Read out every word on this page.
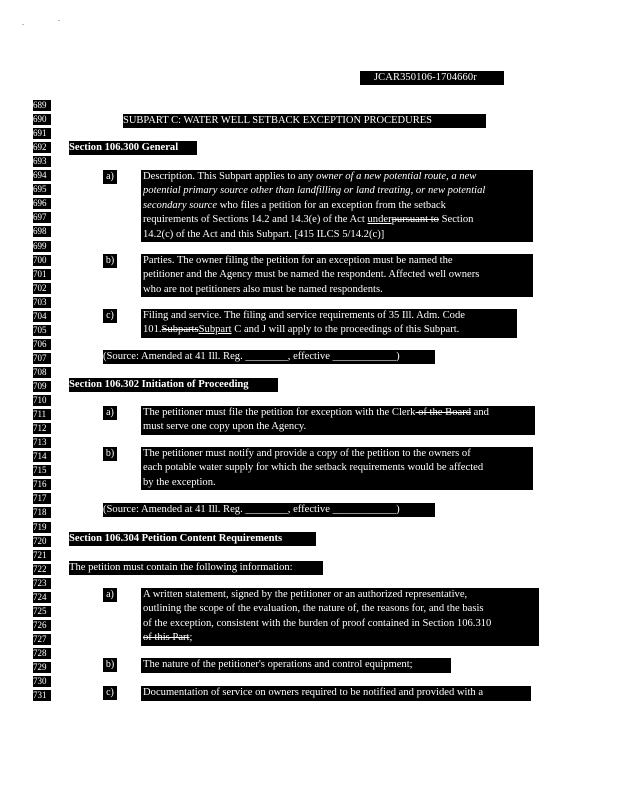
JCAR350106-1704660r
689
690
691
692
693
694
695
696
697
698
699
700
701
702
703
704
705
706
707
708
709
710
711
712
713
714
715
716
717
718
719
720
721
722
723
724
725
726
727
728
729
730
731
SUBPART C: WATER WELL SETBACK EXCEPTION PROCEDURES
Section 106.300 General
a)	Description. This Subpart applies to any owner of a new potential route, a new
potential primary source other than landfilling or land treating, or new potential
secondary source who files a petition for an exception from the setback
requirements of Sections 14.2 and 14.3(e) of the Act underpursuant to Section
14.2(c) of the Act and this Subpart. [415 ILCS 5/14.2(c)]
b)	Parties. The owner filing the petition for an exception must be named the
petitioner and the Agency must be named the respondent. Affected well owners
who are not petitioners also must be named respondents.
c)	Filing and service. The filing and service requirements of 35 Ill. Adm. Code
101.SubpartsSubpart C and J will apply to the proceedings of this Subpart.
(Source: Amended at 41 Ill. Reg. ________, effective ____________)
Section 106.302 Initiation of Proceeding
a)	The petitioner must file the petition for exception with the Clerk of the Board and
must serve one copy upon the Agency.
b)	The petitioner must notify and provide a copy of the petition to the owners of
each potable water supply for which the setback requirements would be affected
by the exception.
(Source: Amended at 41 Ill. Reg. ________, effective ____________)
Section 106.304 Petition Content Requirements
The petition must contain the following information:
a)	A written statement, signed by the petitioner or an authorized representative,
outlining the scope of the evaluation, the nature of, the reasons for, and the basis
of the exception, consistent with the burden of proof contained in Section 106.310
of this Part;
b)	The nature of the petitioner's operations and control equipment;
c)	Documentation of service on owners required to be notified and provided with a
